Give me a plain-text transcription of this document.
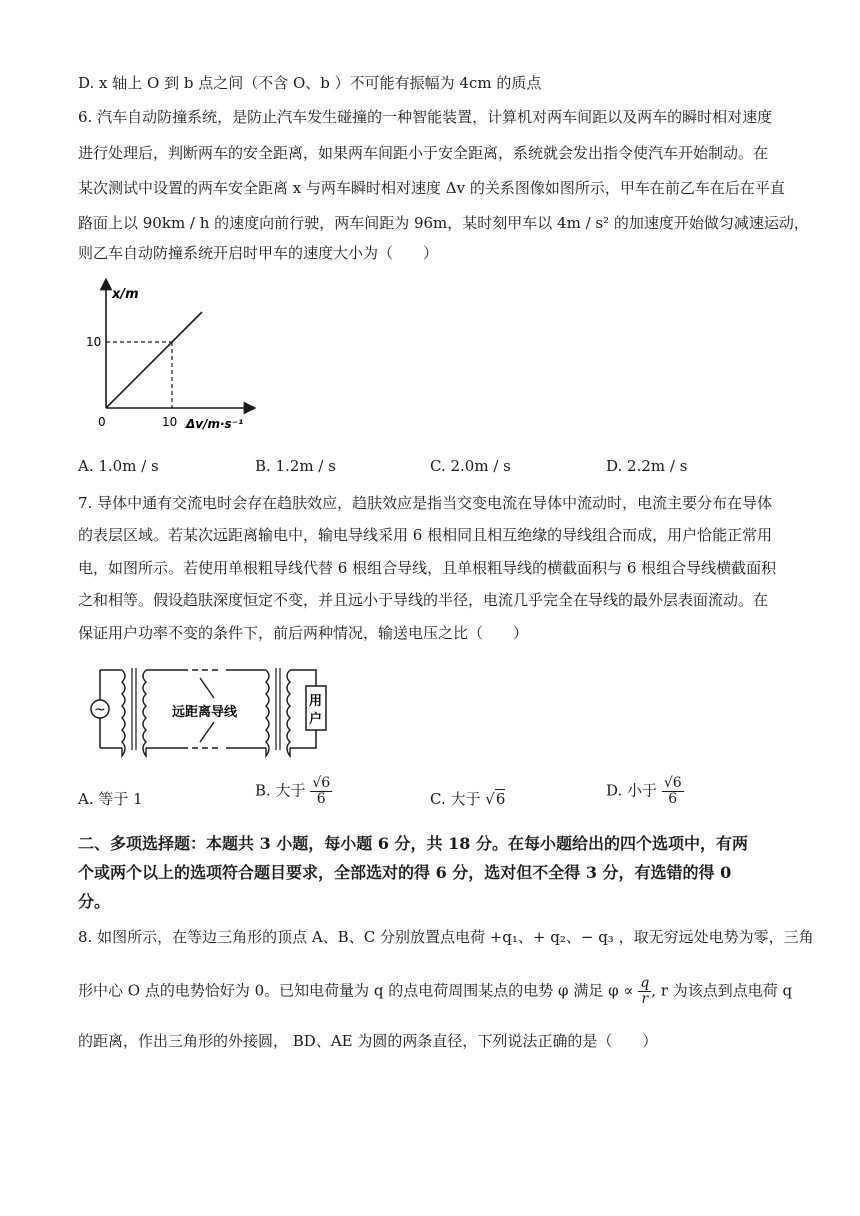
D. x 轴上 O 到 b 点之间（不含 O、b ）不可能有振幅为 4cm 的质点
6. 汽车自动防撞系统，是防止汽车发生碰撞的一种智能装置，计算机对两车间距以及两车的瞬时相对速度
进行处理后，判断两车的安全距离，如果两车间距小于安全距离，系统就会发出指令使汽车开始制动。在
某次测试中设置的两车安全距离 x 与两车瞬时相对速度 Δv 的关系图像如图所示，甲车在前乙车在后在平直
路面上以 90km / h 的速度向前行驶，两车间距为 96m，某时刻甲车以 4m / s² 的加速度开始做匀减速运动，
则乙车自动防撞系统开启时甲车的速度大小为（　　）
x/m
10
0	10 Δv/m·s⁻¹
A. 1.0m / s	B. 1.2m / s	C. 2.0m / s	D. 2.2m / s
7. 导体中通有交流电时会存在趋肤效应，趋肤效应是指当交变电流在导体中流动时，电流主要分布在导体
的表层区域。若某次远距离输电中，输电导线采用 6 根相同且相互绝缘的导线组合而成，用户恰能正常用
电，如图所示。若使用单根粗导线代替 6 根组合导线，且单根粗导线的横截面积与 6 根组合导线横截面积
之和相等。假设趋肤深度恒定不变，并且远小于导线的半径，电流几乎完全在导线的最外层表面流动。在
保证用户功率不变的条件下，前后两种情况，输送电压之比（　　）
~	远距离导线
用
户
A. 等于 1	B. 大于 $\frac{√6}{6}$	C. 大于 √6	D. 小于 $\frac{√6}{6}$
二、多项选择题：本题共 3 小题，每小题 6 分，共 18 分。在每小题给出的四个选项中，有两
个或两个以上的选项符合题目要求，全部选对的得 6 分，选对但不全得 3 分，有选错的得 0
分。
8. 如图所示，在等边三角形的顶点 A、B、C 分别放置点电荷 +q₁、+ q₂、− q₃ ，取无穷远处电势为零，三角
形中心 O 点的电势恰好为 0。已知电荷量为 q 的点电荷周围某点的电势 φ 满足 $\varphi \propto \frac{q}{r}$ , r 为该点到点电荷 q
的距离，作出三角形的外接圆， BD、AE 为圆的两条直径，下列说法正确的是（　　）
